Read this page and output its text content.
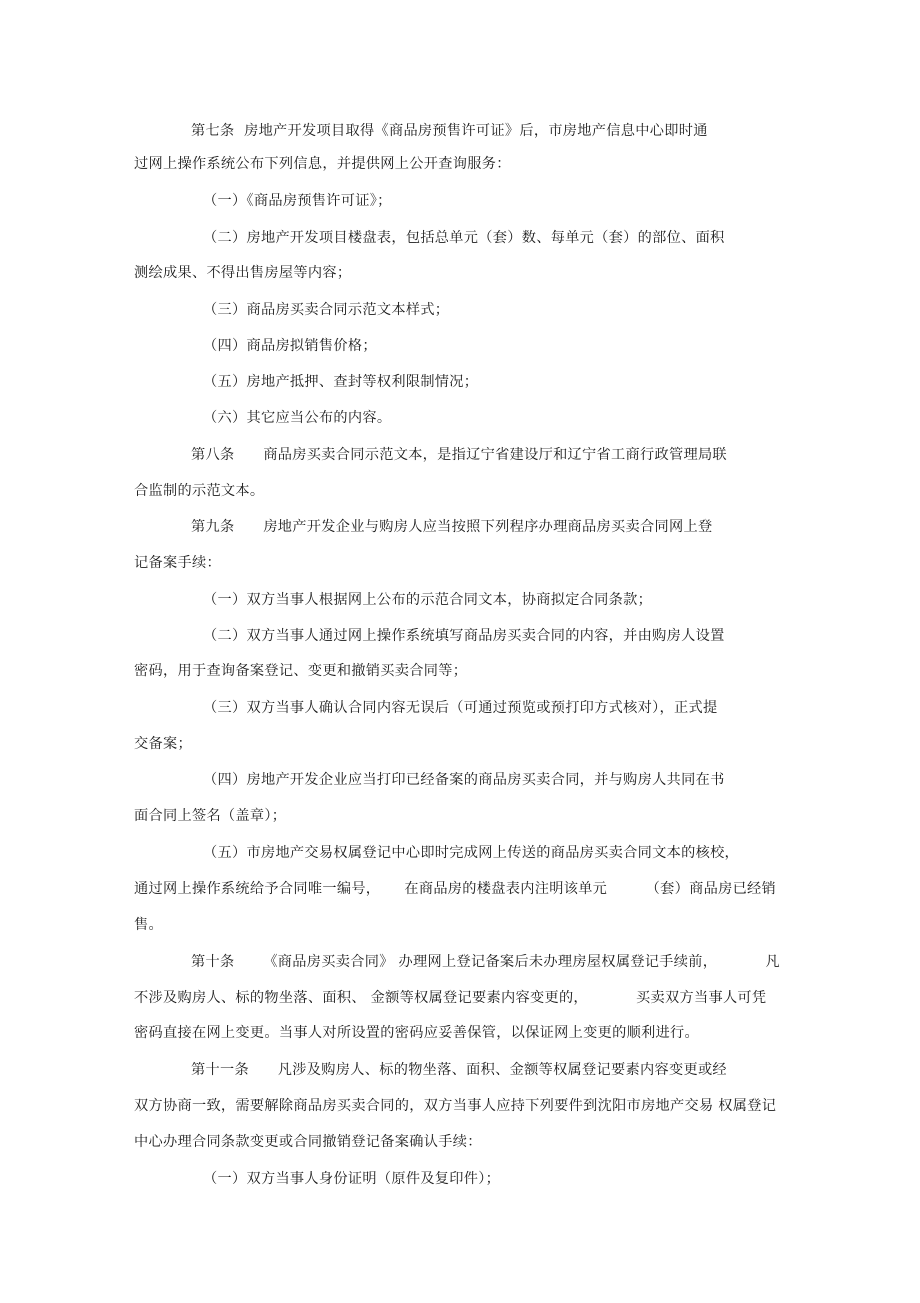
第七条  房地产开发项目取得《商品房预售许可证》后，市房地产信息中心即时通
过网上操作系统公布下列信息，并提供网上公开查询服务：
（一）《商品房预售许可证》；
（二）房地产开发项目楼盘表，包括总单元（套）数、每单元（套）的部位、面积
测绘成果、不得出售房屋等内容；
（三）商品房买卖合同示范文本样式；
（四）商品房拟销售价格；
（五）房地产抵押、查封等权利限制情况；
（六）其它应当公布的内容。
第八条      商品房买卖合同示范文本，是指辽宁省建设厅和辽宁省工商行政管理局联
合监制的示范文本。
第九条      房地产开发企业与购房人应当按照下列程序办理商品房买卖合同网上登
记备案手续：
（一）双方当事人根据网上公布的示范合同文本，协商拟定合同条款；
（二）双方当事人通过网上操作系统填写商品房买卖合同的内容，并由购房人设置
密码，用于查询备案登记、变更和撤销买卖合同等；
（三）双方当事人确认合同内容无误后（可通过预览或预打印方式核对），正式提
交备案；
（四）房地产开发企业应当打印已经备案的商品房买卖合同，并与购房人共同在书
面合同上签名（盖章）；
（五）市房地产交易权属登记中心即时完成网上传送的商品房买卖合同文本的核校，
通过网上操作系统给予合同唯一编号，     在商品房的楼盘表内注明该单元        （套）商品房已经销
售。
第十条      《商品房买卖合同》 办理网上登记备案后未办理房屋权属登记手续前，          凡
不涉及购房人、标的物坐落、面积、 金额等权属登记要素内容变更的，          买卖双方当事人可凭
密码直接在网上变更。当事人对所设置的密码应妥善保管，以保证网上变更的顺利进行。
第十一条      凡涉及购房人、标的物坐落、面积、金额等权属登记要素内容变更或经
双方协商一致，需要解除商品房买卖合同的，双方当事人应持下列要件到沈阳市房地产交易 权属登记
中心办理合同条款变更或合同撤销登记备案确认手续：
（一）双方当事人身份证明（原件及复印件）；
